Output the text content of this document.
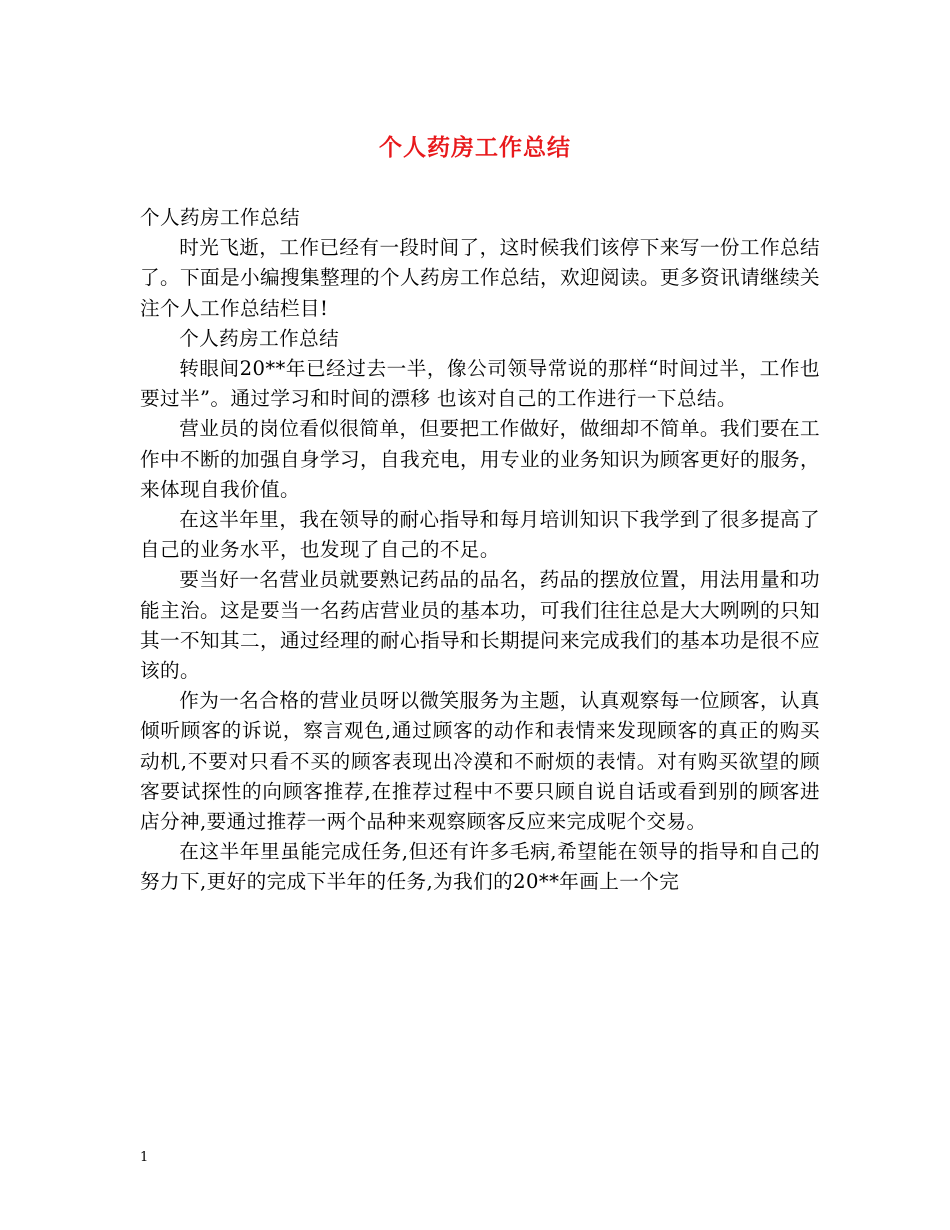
个人药房工作总结

个人药房工作总结

时光飞逝，工作已经有一段时间了，这时候我们该停下来写一份工作总结了。下面是小编搜集整理的个人药房工作总结，欢迎阅读。更多资讯请继续关注个人工作总结栏目!

个人药房工作总结

转眼间20**年已经过去一半，像公司领导常说的那样“时间过半，工作也要过半”。通过学习和时间的漂移 也该对自己的工作进行一下总结。

营业员的岗位看似很简单，但要把工作做好，做细却不简单。我们要在工作中不断的加强自身学习，自我充电，用专业的业务知识为顾客更好的服务，来体现自我价值。

在这半年里，我在领导的耐心指导和每月培训知识下我学到了很多提高了自己的业务水平，也发现了自己的不足。

要当好一名营业员就要熟记药品的品名，药品的摆放位置，用法用量和功能主治。这是要当一名药店营业员的基本功，可我们往往总是大大咧咧的只知其一不知其二，通过经理的耐心指导和长期提问来完成我们的基本功是很不应该的。

作为一名合格的营业员呀以微笑服务为主题，认真观察每一位顾客，认真倾听顾客的诉说，察言观色,通过顾客的动作和表情来发现顾客的真正的购买动机,不要对只看不买的顾客表现出冷漠和不耐烦的表情。对有购买欲望的顾客要试探性的向顾客推荐,在推荐过程中不要只顾自说自话或看到别的顾客进店分神,要通过推荐一两个品种来观察顾客反应来完成呢个交易。

在这半年里虽能完成任务,但还有许多毛病,希望能在领导的指导和自己的努力下,更好的完成下半年的任务,为我们的20**年画上一个完

1
